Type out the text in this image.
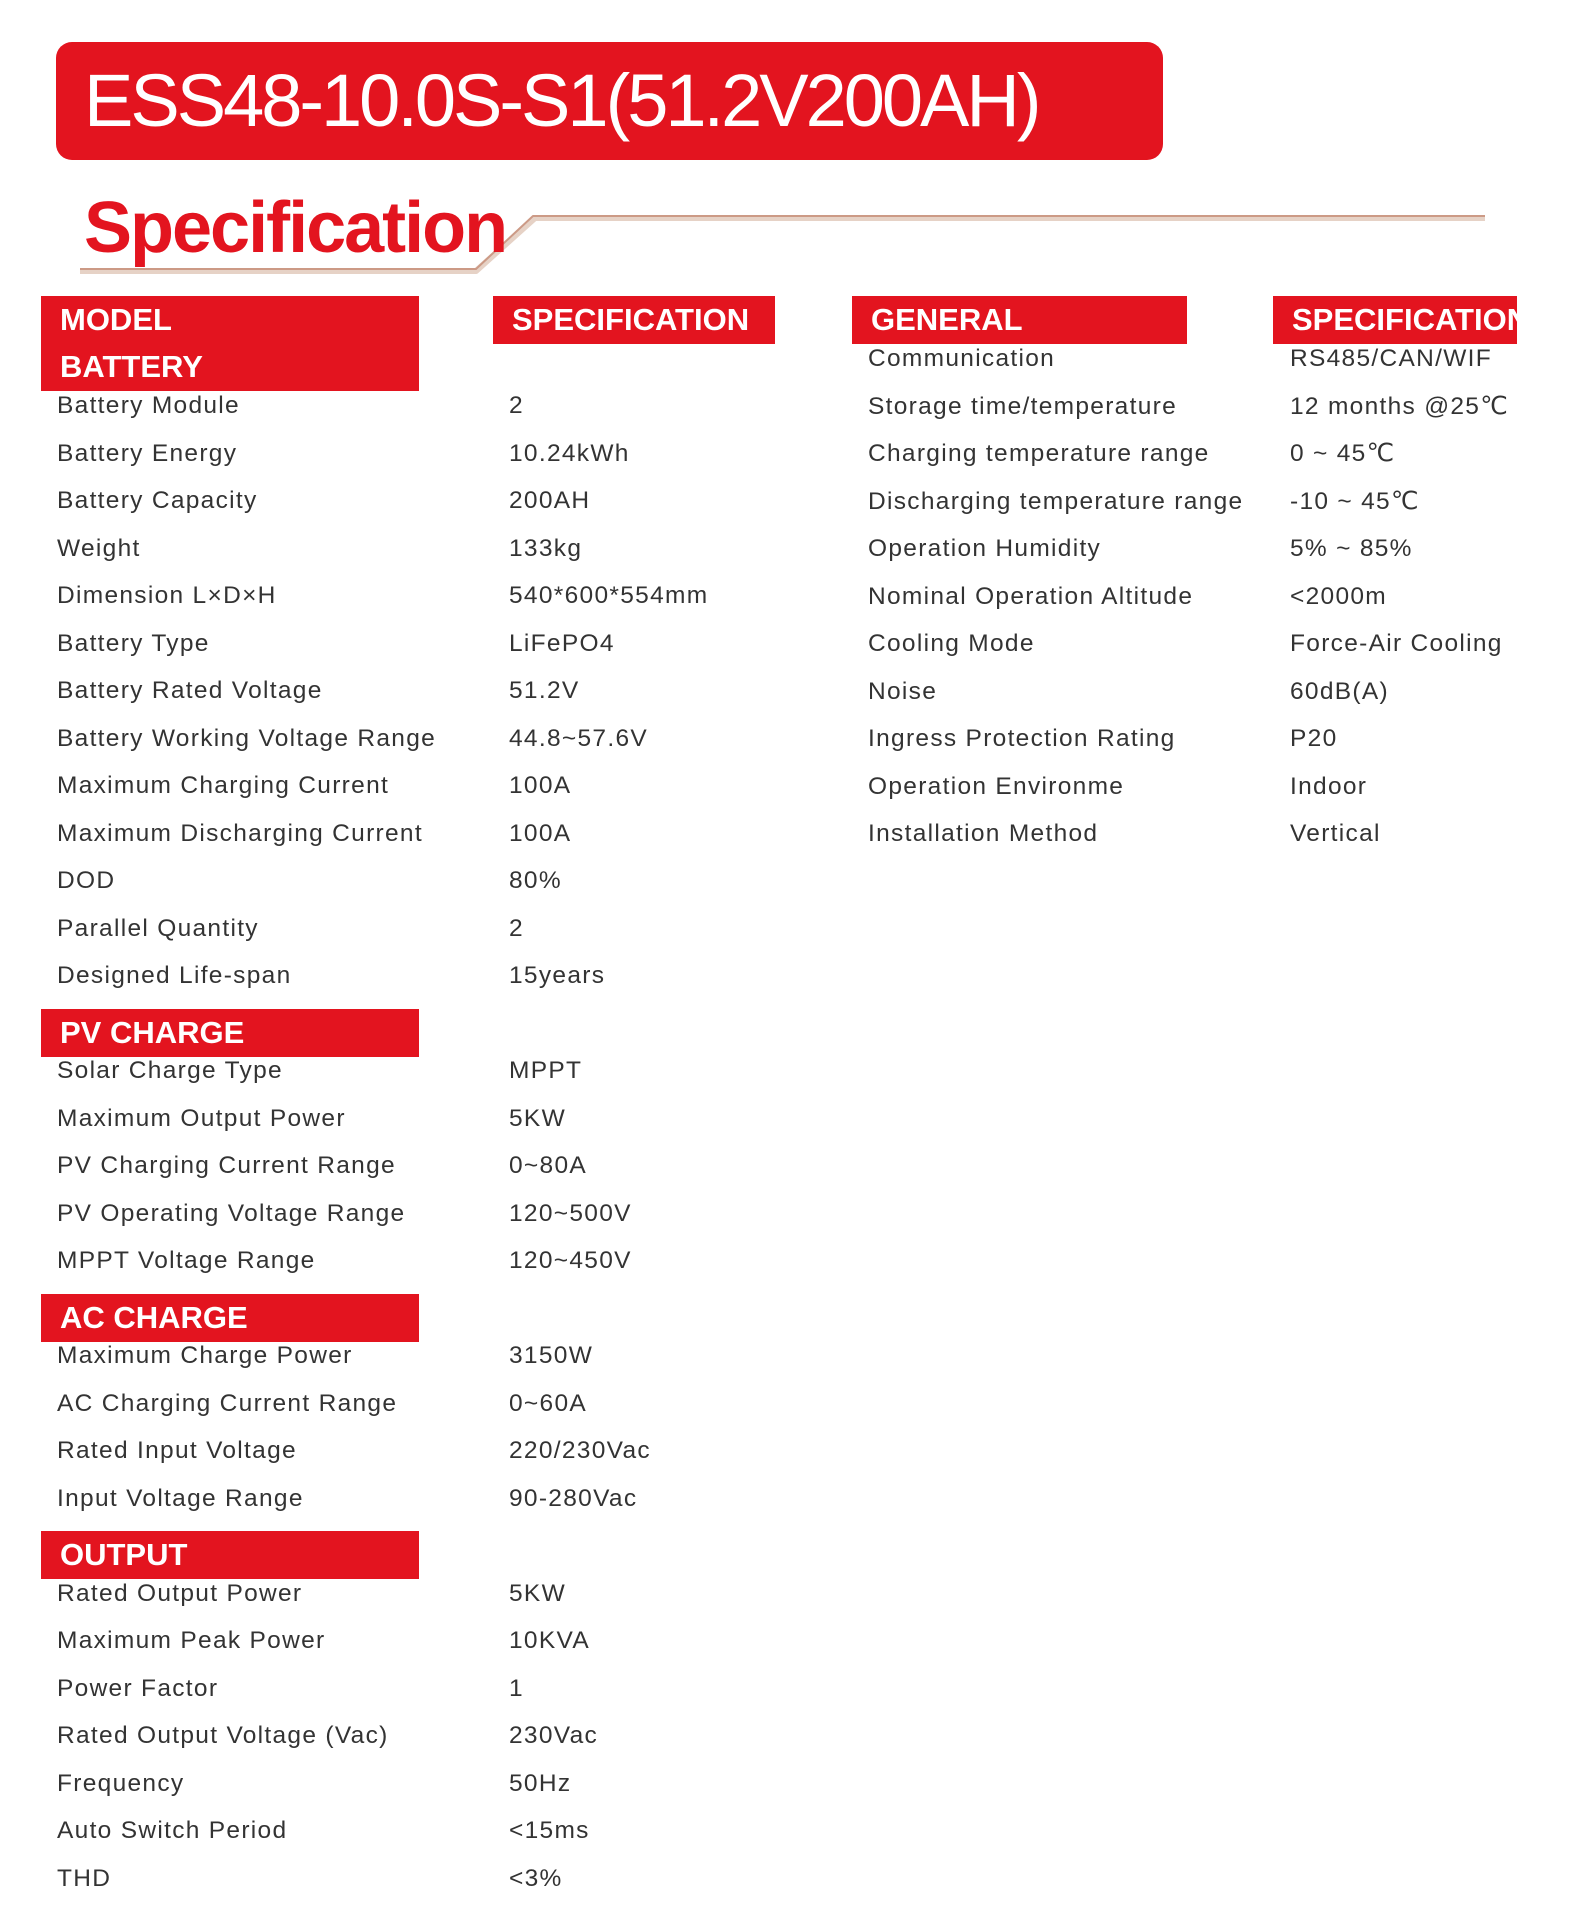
ESS48-10.0S-S1(51.2V200AH)
Specification
MODEL
BATTERY
SPECIFICATION	GENERAL	SPECIFICATION
Battery Module	2
Battery Energy	10.24kWh
Battery Capacity	200AH
Weight	133kg
Dimension L×D×H	540*600*554mm
Battery Type	LiFePO4
Battery Rated Voltage	51.2V
Battery Working Voltage Range	44.8~57.6V
Maximum Charging Current	100A
Maximum Discharging Current	100A
DOD	80%
Parallel Quantity	2
Designed Life-span	15years
PV CHARGE
Solar Charge Type	MPPT
Maximum Output Power	5KW
PV Charging Current Range	0~80A
PV Operating Voltage Range	120~500V
MPPT Voltage Range	120~450V
AC CHARGE
Maximum Charge Power	3150W
AC Charging Current Range	0~60A
Rated Input Voltage	220/230Vac
Input Voltage Range	90-280Vac
OUTPUT
Rated Output Power	5KW
Maximum Peak Power	10KVA
Power Factor	1
Rated Output Voltage (Vac)	230Vac
Frequency	50Hz
Auto Switch Period	<15ms
THD	<3%
Communication	RS485/CAN/WIF
Storage time/temperature	12 months @25℃
Charging temperature range	0 ~ 45℃
Discharging temperature range -10 ~ 45℃
Operation Humidity	5% ~ 85%
Nominal Operation Altitude	<2000m
Cooling Mode	Force-Air Cooling
Noise	60dB(A)
Ingress Protection Rating	P20
Operation Environme	Indoor
Installation Method	Vertical
